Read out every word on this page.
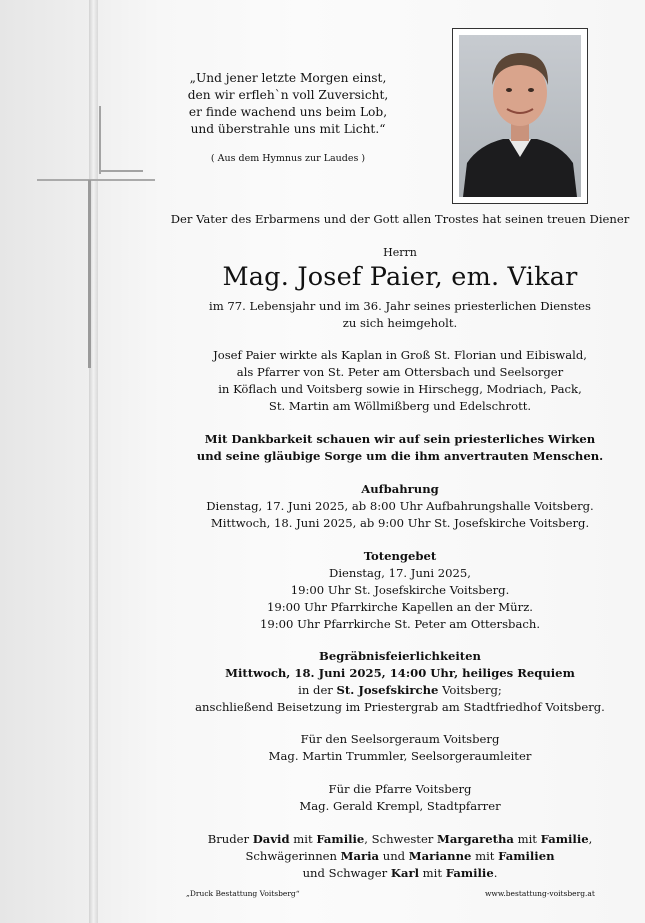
„Und jener letzte Morgen einst,
den wir erfleh`n voll Zuversicht,
er finde wachend uns beim Lob,
und überstrahle uns mit Licht.“
( Aus dem Hymnus zur Laudes )
Der Vater des Erbarmens und der Gott allen Trostes hat seinen treuen Diener
Herrn
Mag. Josef Paier, em. Vikar
im 77. Lebensjahr und im 36. Jahr seines priesterlichen Dienstes
zu sich heimgeholt.
Josef Paier wirkte als Kaplan in Groß St. Florian und Eibiswald,
als Pfarrer von St. Peter am Ottersbach und Seelsorger
in Köflach und Voitsberg sowie in Hirschegg, Modriach, Pack,
St. Martin am Wöllmißberg und Edelschrott.
Mit Dankbarkeit schauen wir auf sein priesterliches Wirken
und seine gläubige Sorge um die ihm anvertrauten Menschen.
Aufbahrung
Dienstag, 17. Juni 2025, ab 8:00 Uhr Aufbahrungshalle Voitsberg.
Mittwoch, 18. Juni 2025, ab 9:00 Uhr St. Josefskirche Voitsberg.
Totengebet
Dienstag, 17. Juni 2025,
19:00 Uhr St. Josefskirche Voitsberg.
19:00 Uhr Pfarrkirche Kapellen an der Mürz.
19:00 Uhr Pfarrkirche St. Peter am Ottersbach.
Begräbnisfeierlichkeiten
Mittwoch, 18. Juni 2025, 14:00 Uhr, heiliges Requiem
in der St. Josefskirche Voitsberg;
anschließend Beisetzung im Priestergrab am Stadtfriedhof Voitsberg.
Für den Seelsorgeraum Voitsberg
Mag. Martin Trummler, Seelsorgeraumleiter
Für die Pfarre Voitsberg
Mag. Gerald Krempl, Stadtpfarrer
Bruder David mit Familie, Schwester Margaretha mit Familie,
Schwägerinnen Maria und Marianne mit Familien
und Schwager Karl mit Familie.
„Druck Bestattung Voitsberg“	www.bestattung-voitsberg.at
